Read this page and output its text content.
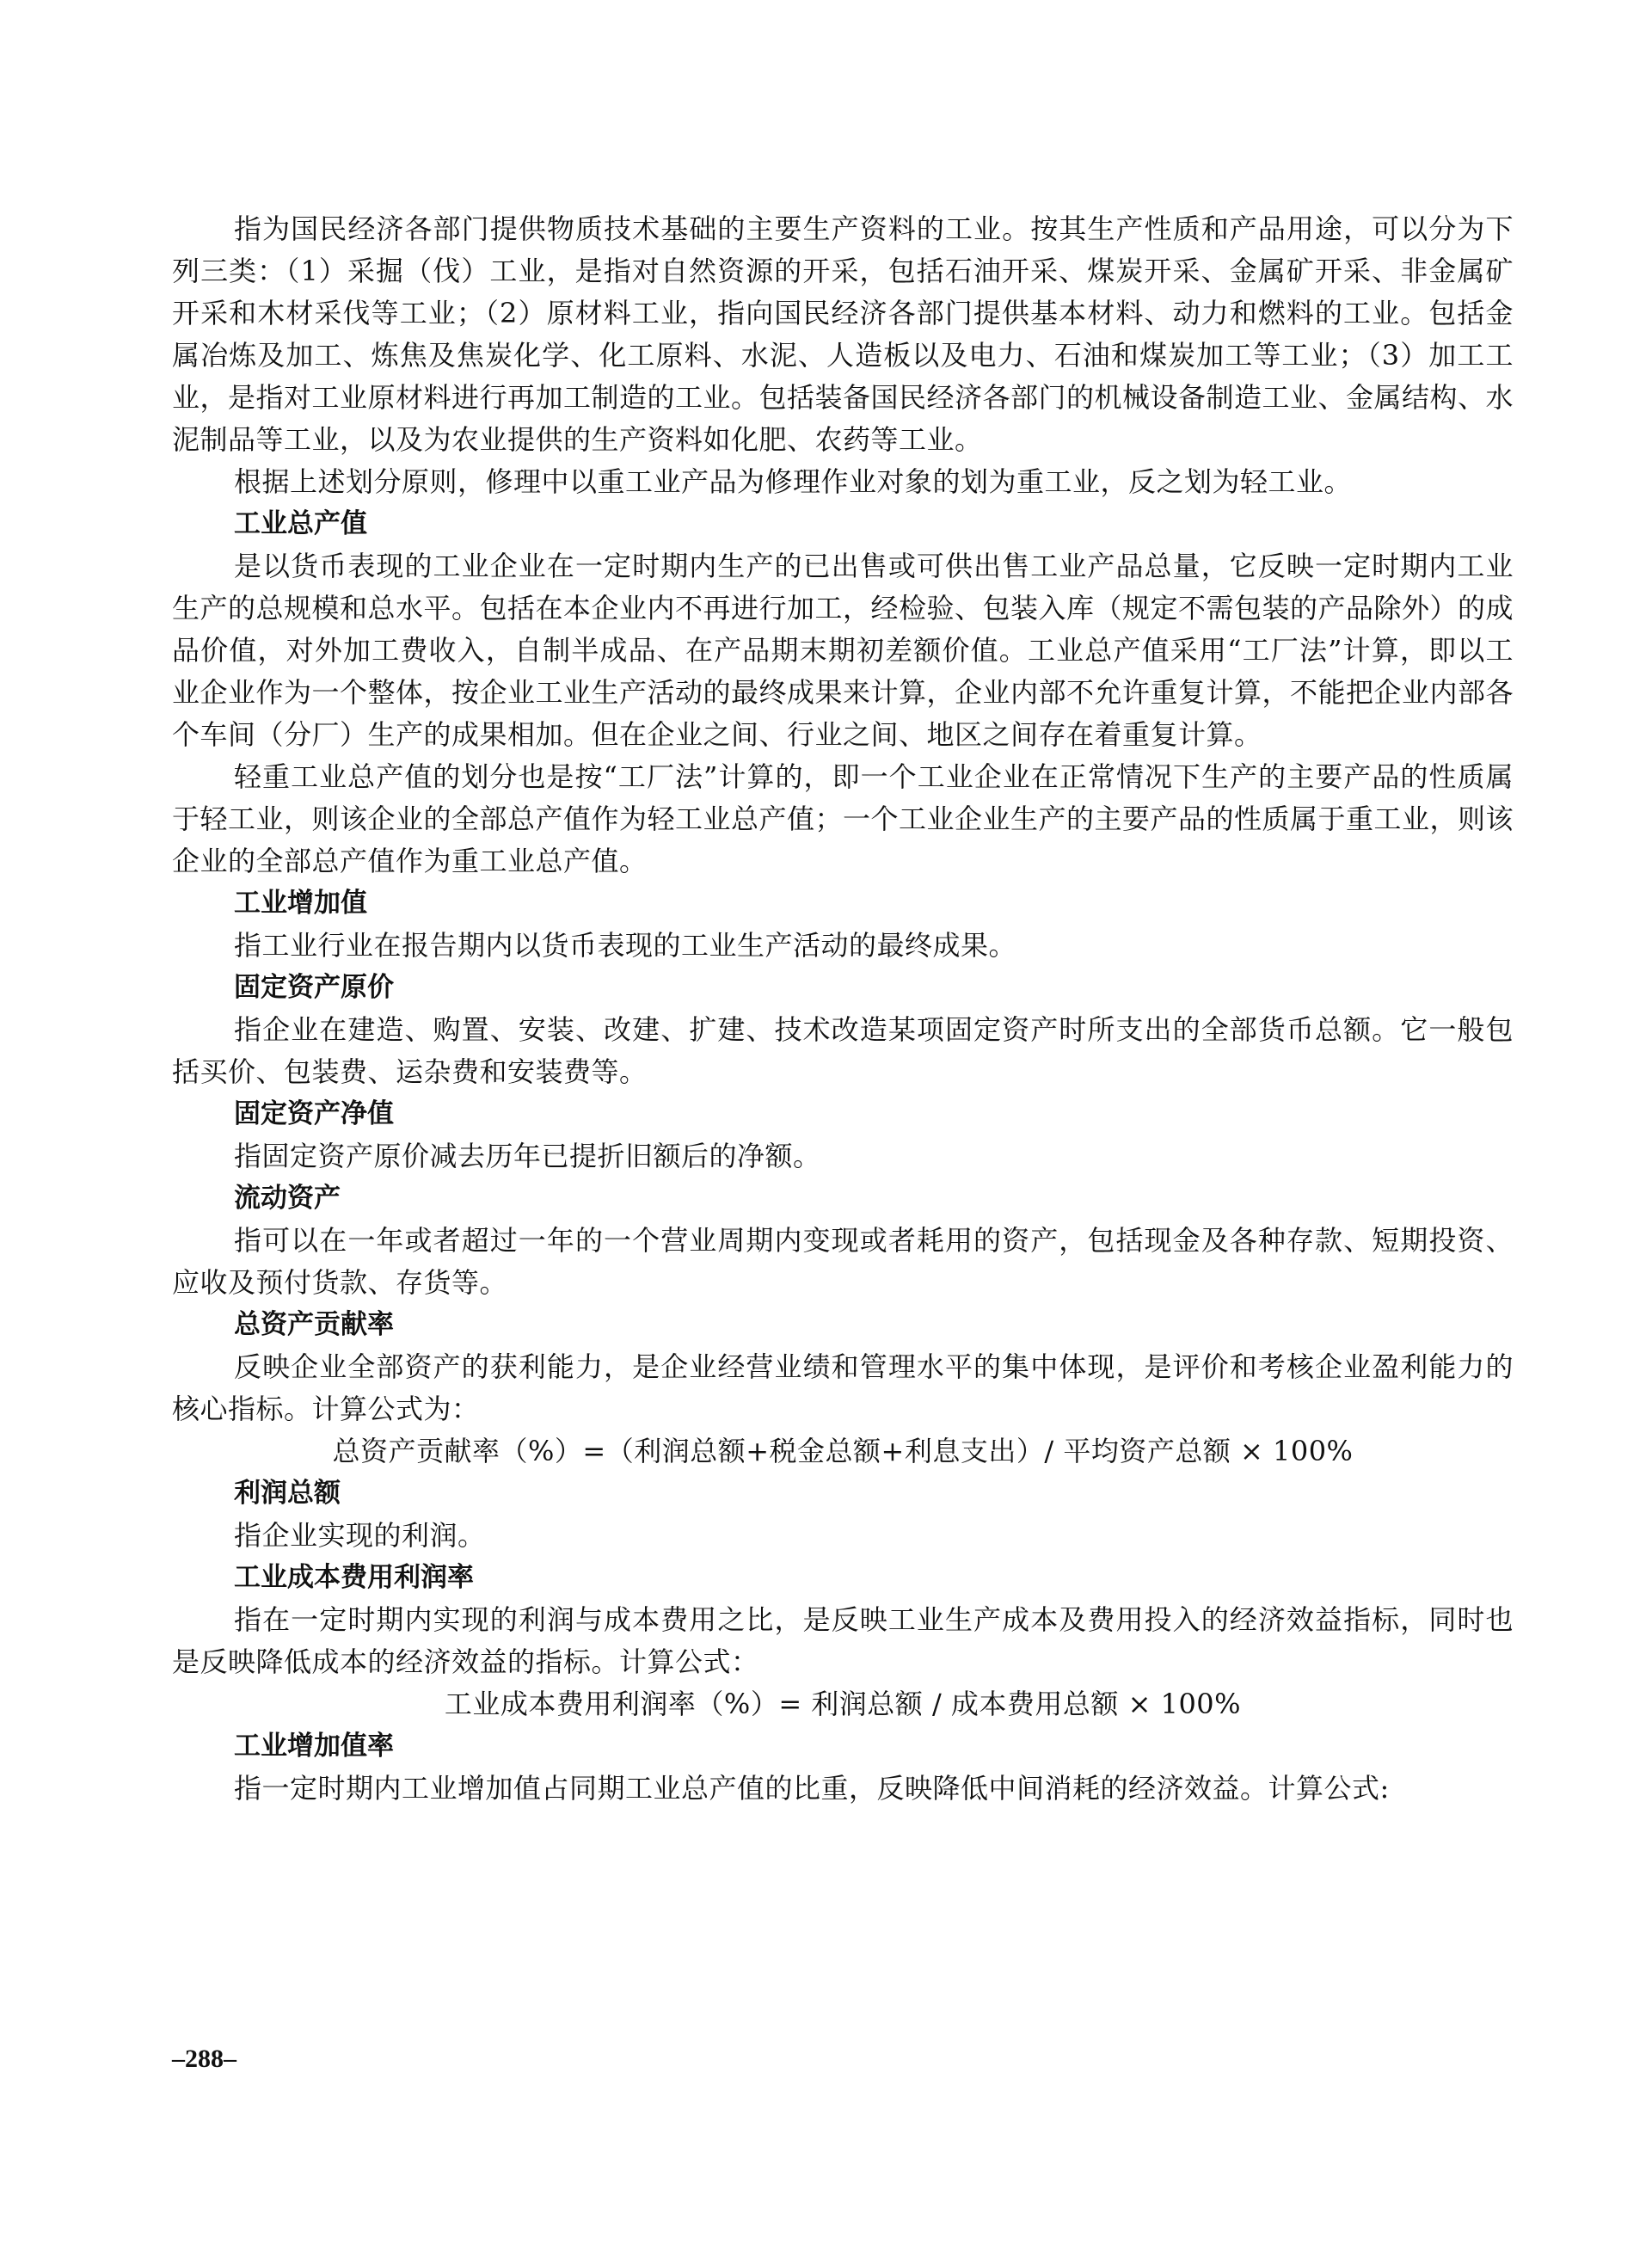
指为国民经济各部门提供物质技术基础的主要生产资料的工业。按其生产性质和产品用途，可以分为下列三类：（1）采掘（伐）工业，是指对自然资源的开采，包括石油开采、煤炭开采、金属矿开采、非金属矿开采和木材采伐等工业；（2）原材料工业，指向国民经济各部门提供基本材料、动力和燃料的工业。包括金属冶炼及加工、炼焦及焦炭化学、化工原料、水泥、人造板以及电力、石油和煤炭加工等工业；（3）加工工业，是指对工业原材料进行再加工制造的工业。包括装备国民经济各部门的机械设备制造工业、金属结构、水泥制品等工业，以及为农业提供的生产资料如化肥、农药等工业。

根据上述划分原则，修理中以重工业产品为修理作业对象的划为重工业，反之划为轻工业。

工业总产值

是以货币表现的工业企业在一定时期内生产的已出售或可供出售工业产品总量，它反映一定时期内工业生产的总规模和总水平。包括在本企业内不再进行加工，经检验、包装入库（规定不需包装的产品除外）的成品价值，对外加工费收入，自制半成品、在产品期末期初差额价值。工业总产值采用“工厂法”计算，即以工业企业作为一个整体，按企业工业生产活动的最终成果来计算，企业内部不允许重复计算，不能把企业内部各个车间（分厂）生产的成果相加。但在企业之间、行业之间、地区之间存在着重复计算。

轻重工业总产值的划分也是按“工厂法”计算的，即一个工业企业在正常情况下生产的主要产品的性质属于轻工业，则该企业的全部总产值作为轻工业总产值；一个工业企业生产的主要产品的性质属于重工业，则该企业的全部总产值作为重工业总产值。

工业增加值

指工业行业在报告期内以货币表现的工业生产活动的最终成果。

固定资产原价

指企业在建造、购置、安装、改建、扩建、技术改造某项固定资产时所支出的全部货币总额。它一般包括买价、包装费、运杂费和安装费等。

固定资产净值

指固定资产原价减去历年已提折旧额后的净额。

流动资产

指可以在一年或者超过一年的一个营业周期内变现或者耗用的资产，包括现金及各种存款、短期投资、应收及预付货款、存货等。

总资产贡献率

反映企业全部资产的获利能力，是企业经营业绩和管理水平的集中体现，是评价和考核企业盈利能力的核心指标。计算公式为：

总资产贡献率（%）=（利润总额+税金总额+利息支出）/ 平均资产总额 × 100%

利润总额

指企业实现的利润。

工业成本费用利润率

指在一定时期内实现的利润与成本费用之比，是反映工业生产成本及费用投入的经济效益指标，同时也是反映降低成本的经济效益的指标。计算公式：

工业成本费用利润率（%）= 利润总额 / 成本费用总额 × 100%

工业增加值率

指一定时期内工业增加值占同期工业总产值的比重，反映降低中间消耗的经济效益。计算公式:

–288–
